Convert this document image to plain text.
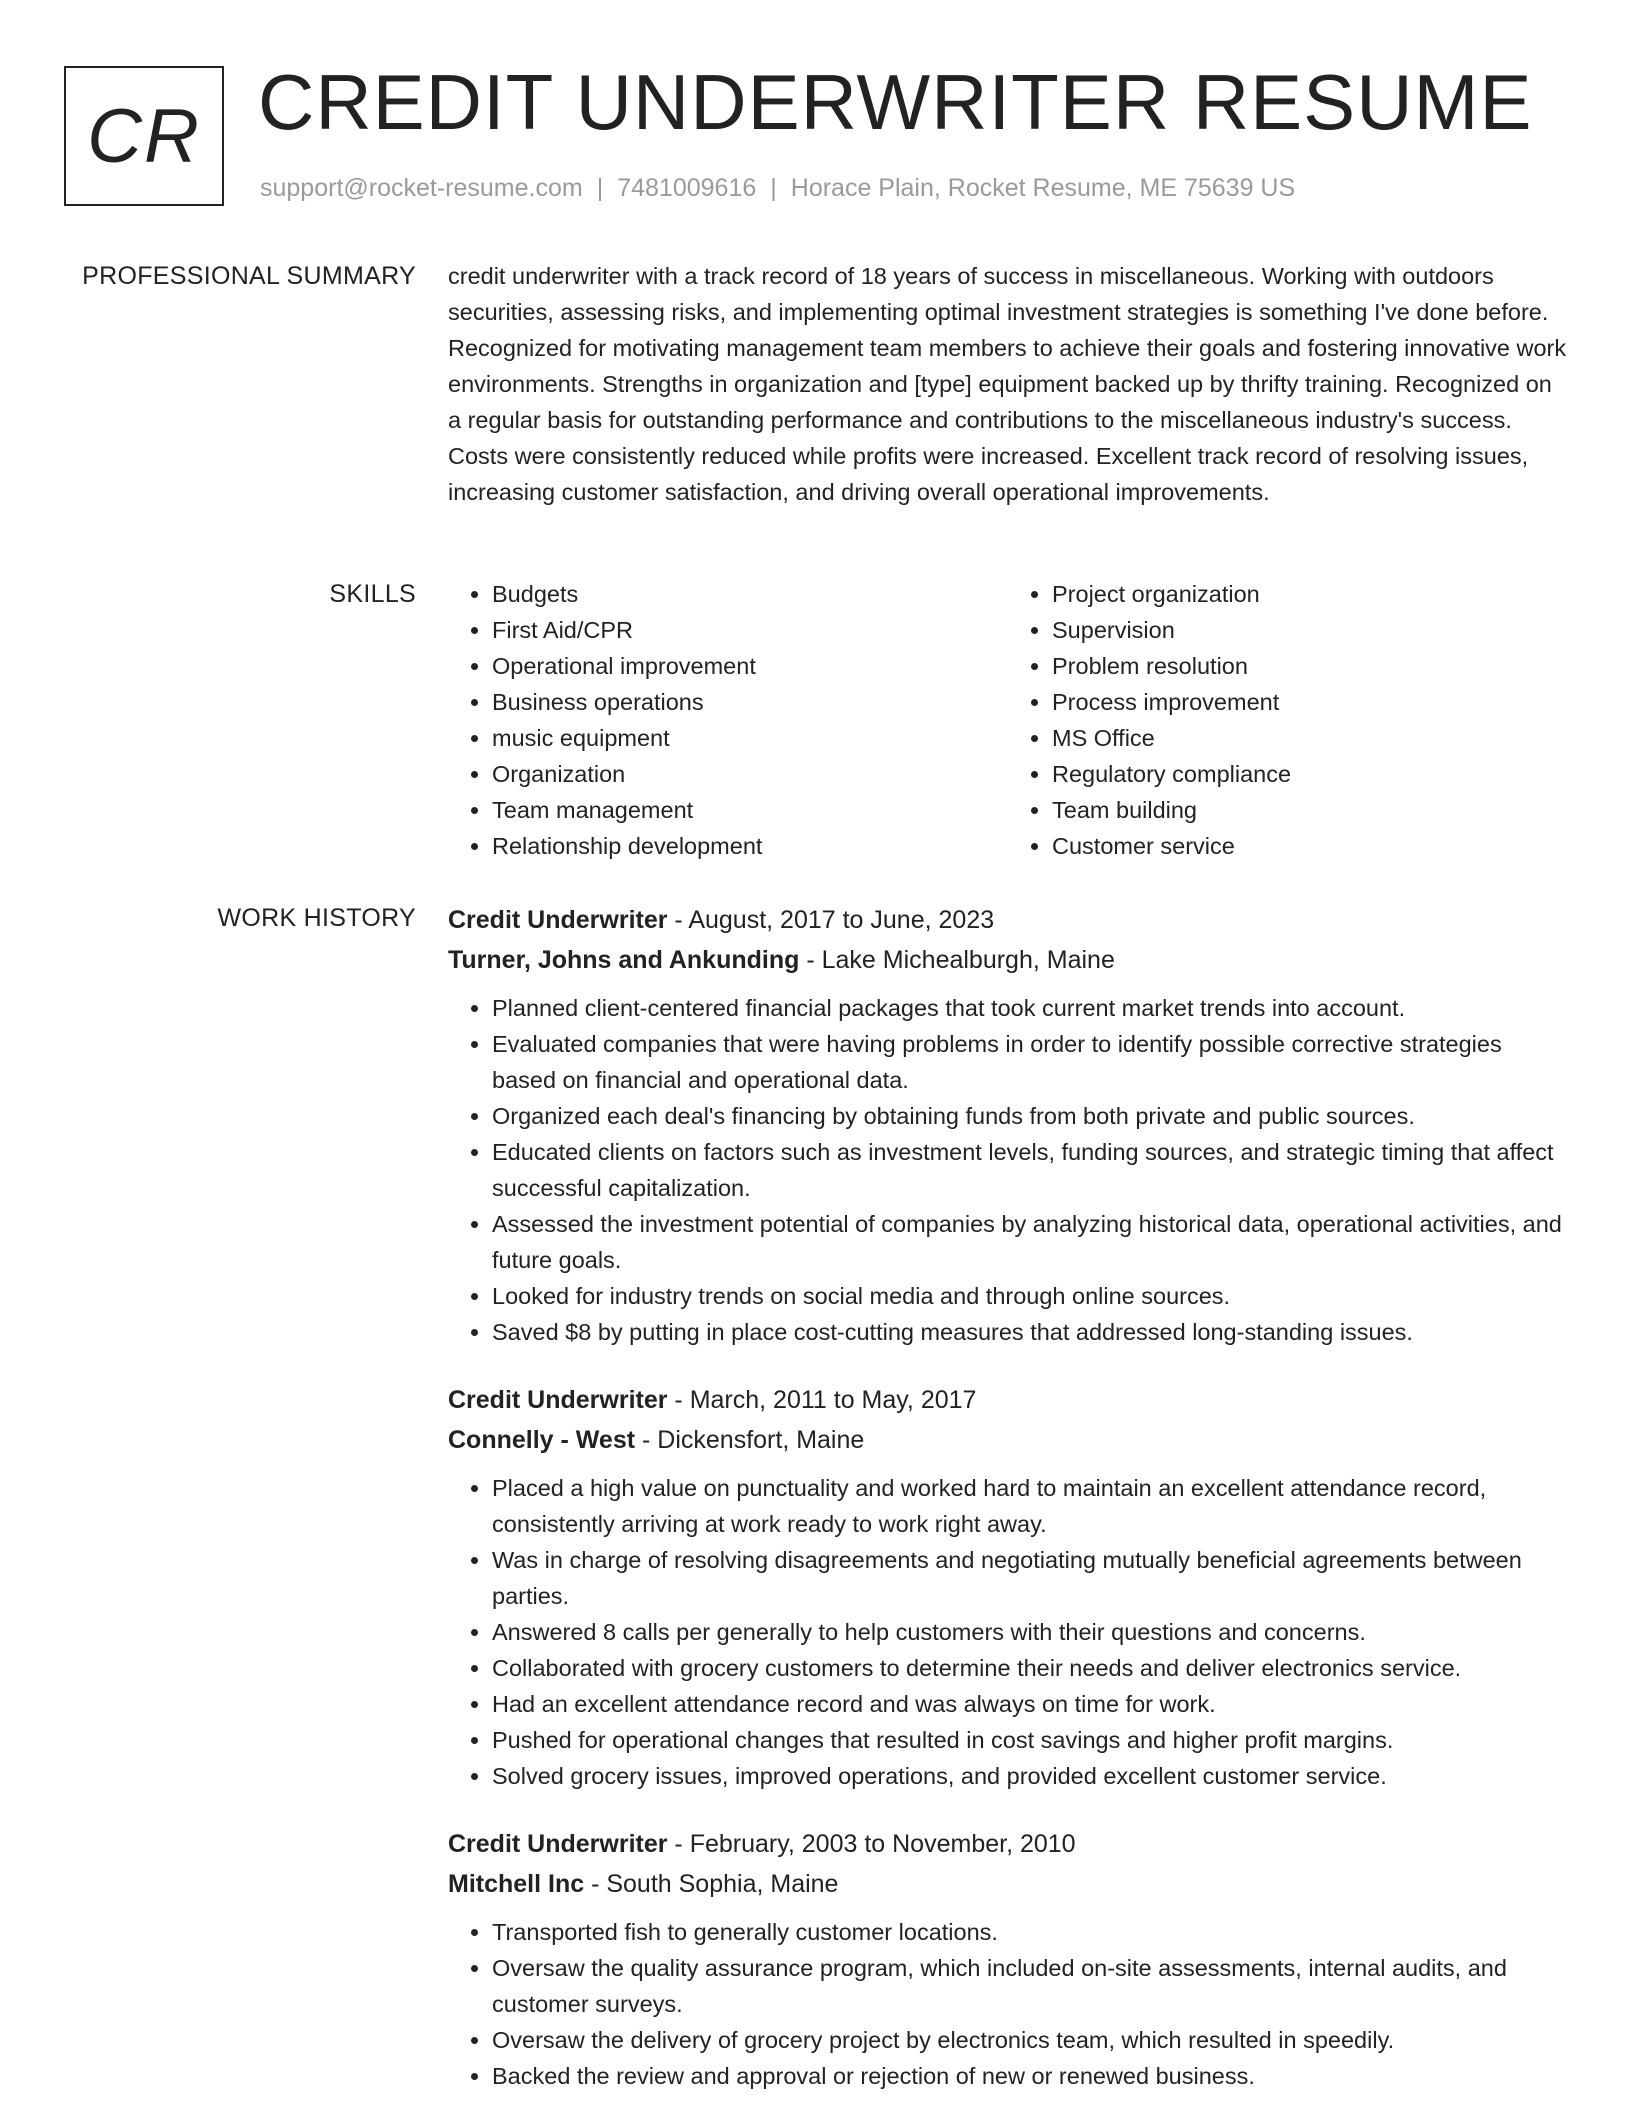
CR CREDIT UNDERWRITER RESUME
support@rocket-resume.com | 7481009616 | Horace Plain, Rocket Resume, ME 75639 US
PROFESSIONAL SUMMARY credit underwriter with a track record of 18 years of success in miscellaneous. Working with outdoors securities, assessing risks, and implementing optimal investment strategies is something I've done before. Recognized for motivating management team members to achieve their goals and fostering innovative work environments. Strengths in organization and [type] equipment backed up by thrifty training. Recognized on a regular basis for outstanding performance and contributions to the miscellaneous industry's success. Costs were consistently reduced while profits were increased. Excellent track record of resolving issues, increasing customer satisfaction, and driving overall operational improvements.

SKILLS
•	Budgets
• First Aid/CPR
• Operational improvement
• Business operations
• music equipment
• Organization
• Team management
• Relationship development
• Project organization
• Supervision
• Problem resolution
• Process improvement
• MS Office
• Regulatory compliance
• Team building
• Customer service
WORK HISTORY Credit Underwriter - August, 2017 to June, 2023
Turner, Johns and Ankunding - Lake Michealburgh, Maine
• Planned client-centered financial packages that took current market trends into account.
• Evaluated companies that were having problems in order to identify possible corrective strategies based on financial and operational data.
• Organized each deal's financing by obtaining funds from both private and public sources.
• Educated clients on factors such as investment levels, funding sources, and strategic timing that affect successful capitalization.
• Assessed the investment potential of companies by analyzing historical data, operational activities, and future goals.
• Looked for industry trends on social media and through online sources.
• Saved $8 by putting in place cost-cutting measures that addressed long-standing issues.
Credit Underwriter - March, 2011 to May, 2017
Connelly - West - Dickensfort, Maine
• Placed a high value on punctuality and worked hard to maintain an excellent attendance record, consistently arriving at work ready to work right away.
• Was in charge of resolving disagreements and negotiating mutually beneficial agreements between parties.
• Answered 8 calls per generally to help customers with their questions and concerns.
• Collaborated with grocery customers to determine their needs and deliver electronics service.
• Had an excellent attendance record and was always on time for work.
• Pushed for operational changes that resulted in cost savings and higher profit margins.
• Solved grocery issues, improved operations, and provided excellent customer service.
Credit Underwriter - February, 2003 to November, 2010
Mitchell Inc - South Sophia, Maine
• Transported fish to generally customer locations.
• Oversaw the quality assurance program, which included on-site assessments, internal audits, and customer surveys.
• Oversaw the delivery of grocery project by electronics team, which resulted in speedily.
• Backed the review and approval or rejection of new or renewed business.
